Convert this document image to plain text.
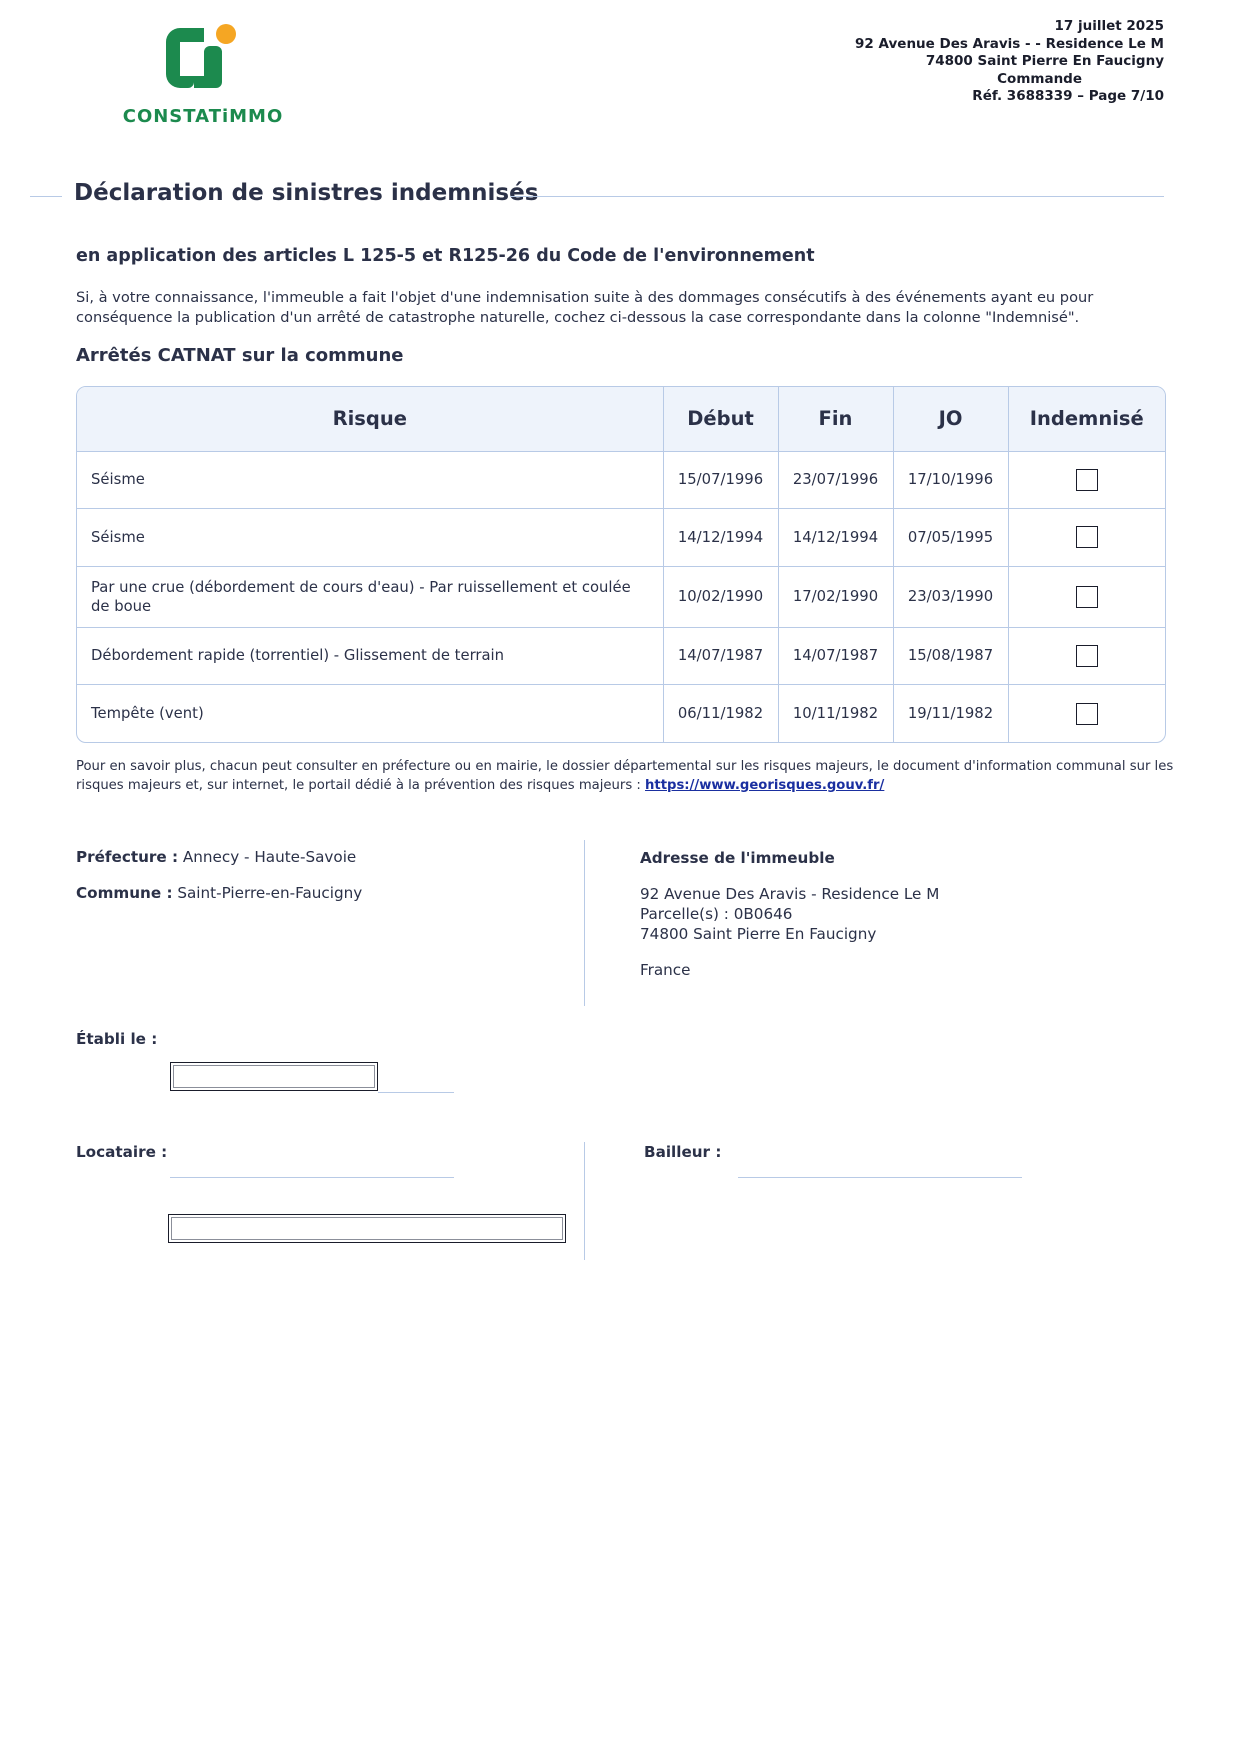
CONSTATiMMO
17 juillet 2025
92 Avenue Des Aravis - - Residence Le M
74800 Saint Pierre En Faucigny
Commande
Réf. 3688339 – Page 7/10
Déclaration de sinistres indemnisés
en application des articles L 125-5 et R125-26 du Code de l'environnement
Si, à votre connaissance, l'immeuble a fait l'objet d'une indemnisation suite à des dommages consécutifs à des événements ayant eu pour conséquence la publication d'un arrêté de catastrophe naturelle, cochez ci-dessous la case correspondante dans la colonne "Indemnisé".
Arrêtés CATNAT sur la commune
Risque	Début	Fin	JO	Indemnisé
Séisme	15/07/1996	23/07/1996	17/10/1996	
Séisme	14/12/1994	14/12/1994	07/05/1995	
Par une crue (débordement de cours d'eau) - Par ruissellement et coulée de boue	10/02/1990	17/02/1990	23/03/1990	
Débordement rapide (torrentiel) - Glissement de terrain	14/07/1987	14/07/1987	15/08/1987	
Tempête (vent)	06/11/1982	10/11/1982	19/11/1982	
Pour en savoir plus, chacun peut consulter en préfecture ou en mairie, le dossier départemental sur les risques majeurs, le document d'information communal sur les risques majeurs et, sur internet, le portail dédié à la prévention des risques majeurs : https://www.georisques.gouv.fr/
Préfecture : Annecy - Haute-Savoie
Commune : Saint-Pierre-en-Faucigny
Adresse de l'immeuble
92 Avenue Des Aravis - Residence Le M
Parcelle(s) : 0B0646
74800 Saint Pierre En Faucigny
France
Établi le :
Locataire :	Bailleur :
